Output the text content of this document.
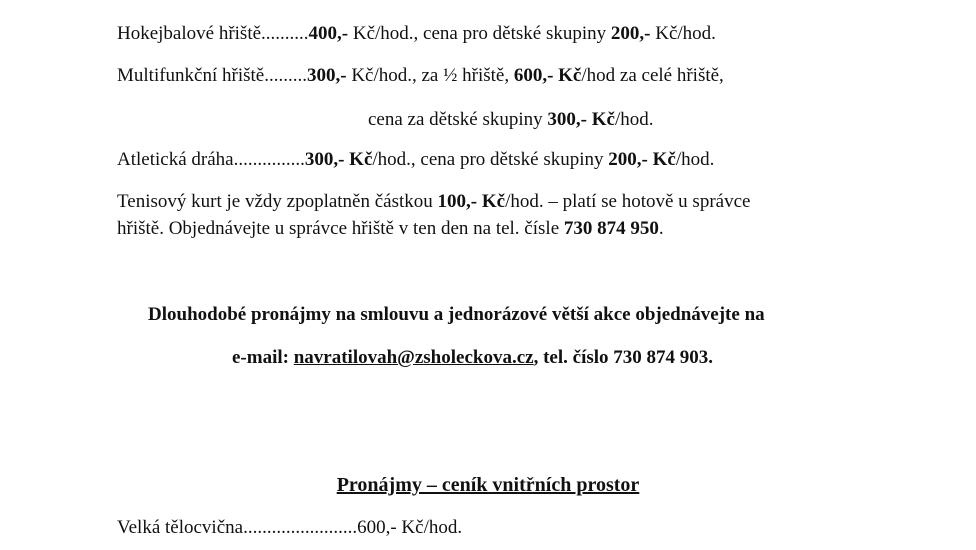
Hokejbalové hřiště..........400,- Kč/hod., cena pro dětské skupiny 200,- Kč/hod.
Multifunkční hřiště.........300,- Kč/hod., za ½ hřiště, 600,- Kč/hod za celé hřiště,
cena za dětské skupiny 300,- Kč/hod.
Atletická dráha...............300,- Kč/hod., cena pro dětské skupiny 200,- Kč/hod.
Tenisový kurt je vždy zpoplatněn částkou 100,- Kč/hod. – platí se hotově u správce
hřiště. Objednávejte u správce hřiště v ten den na tel. čísle 730 874 950.
Dlouhodobé pronájmy na smlouvu a jednorázové větší akce objednávejte na
e-mail: navratilovah@zsholeckova.cz, tel. číslo 730 874 903.
Pronájmy – ceník vnitřních prostor
Velká tělocvična........................600,- Kč/hod.
